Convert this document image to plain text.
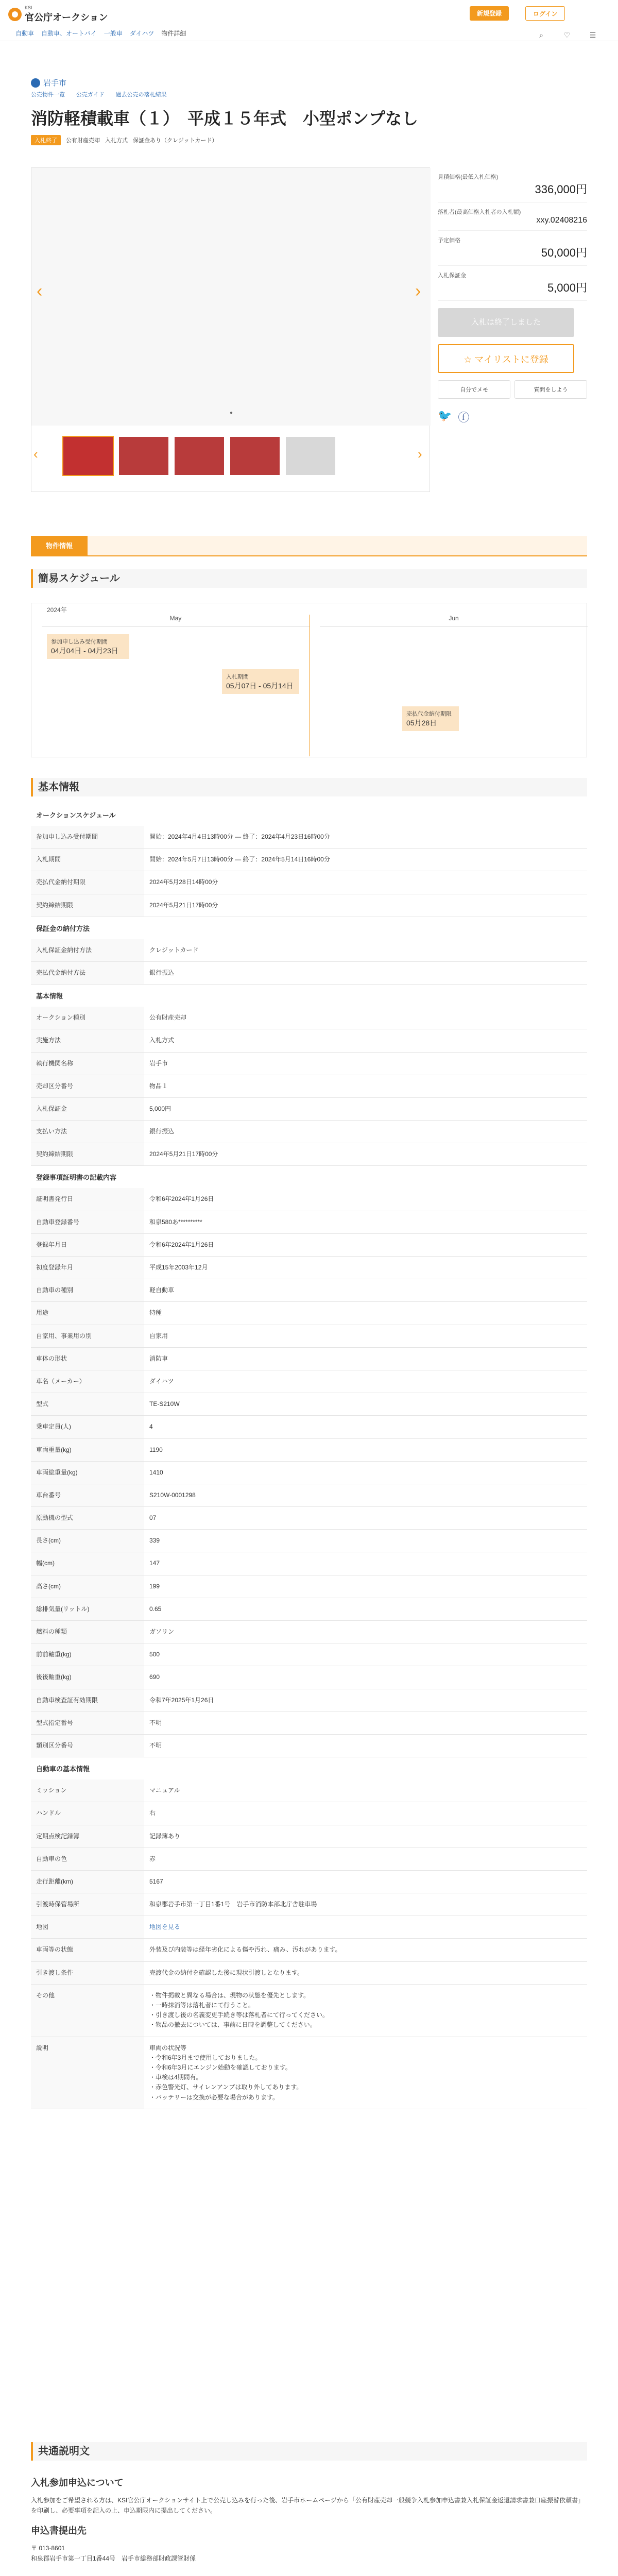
KSI
官公庁オークション
自動車 自動車、オートバイ 一般車 ダイハツ 物件詳細
新規登録	ログイン
⌕	♡	☰
岩手市
公売物件一覧 公売ガイド 過去公売の落札結果
消防軽積載車（１）　平成１５年式　小型ポンプなし
入札終了	公有財産売却 入札方式 保証金あり（クレジットカード）
‹	›
●
‹	›
見積価格(最低入札価格)
336,000円
落札者(最高価格入札者の入札額)
xxy.02408216
予定価格
50,000円
入札保証金
5,000円
入札は終了しました
☆ マイリストに登録
自分でメモ	質問をしよう
🐦 ⓕ
物件情報
簡易スケジュール
2024年
May	Jun
参加申し込み受付期間
04月04日 - 04月23日
入札期間
05月07日 - 05月14日
売払代金納付期限
05月28日
基本情報
オークションスケジュール
参加申し込み受付期間	開始：2024年4月4日13時00分 ― 終了：2024年4月23日16時00分
入札期間	開始：2024年5月7日13時00分 ― 終了：2024年5月14日16時00分
売払代金納付期限	2024年5月28日14時00分
契約締結期限	2024年5月21日17時00分
保証金の納付方法
入札保証金納付方法	クレジットカード
売払代金納付方法	銀行振込
基本情報
オークション種別	公有財産売却
実施方法	入札方式
執行機関名称	岩手市
売却区分番号	物品１
入札保証金	5,000円
支払い方法	銀行振込
契約締結期限	2024年5月21日17時00分
登録事項証明書の記載内容
証明書発行日	令和6年2024年1月26日
自動車登録番号	和泉580あ**********
登録年月日	令和6年2024年1月26日
初度登録年月	平成15年2003年12月
自動車の種別	軽自動車
用途	特種
自家用、事業用の別	自家用
車体の形状	消防車
車名（メーカー）	ダイハツ
型式	TE-S210W
乗車定員(人)	4
車両重量(kg)	1190
車両総重量(kg)	1410
車台番号	S210W-0001298
原動機の型式	07
長さ(cm)	339
幅(cm)	147
高さ(cm)	199
総排気量(リットル)	0.65
燃料の種類	ガソリン
前前軸重(kg)	500
後後軸重(kg)	690
自動車検査証有効期限	令和7年2025年1月26日
型式指定番号	不明
類別区分番号	不明
自動車の基本情報
ミッション	マニュアル
ハンドル	右
定期点検記録簿	記録簿あり
自動車の色	赤
走行距離(km)	5167
引渡時保管場所	和泉郡岩手市第一丁目1番1号　岩手市消防本部北庁舎駐車場
地図	地図を見る
車両等の状態	外装及び内装等は経年劣化による傷や汚れ、痛み、汚れがあります。
引き渡し条件	売渡代金の納付を確認した後に現状引渡しとなります。
その他	・物件掲載と異なる場合は、現物の状態を優先とします。
・一時抹消等は落札者にて行うこと。
・引き渡し後の名義変更手続き等は落札者にて行ってください。
・物品の撤去については、事前に日時を調整してください。
説明	車両の状況等
・令和6年3月まで使用しておりました。
・令和6年3月にエンジン始動を確認しております。
・車検は4期間有。
・赤色警光灯、サイレンアンプは取り外してあります。
・バッテリーは交換が必要な場合があります。
共通説明文
入札参加申込について

入札参加をご希望される方は、KSI官公庁オークションサイト上で公売し込みを行った後、岩手市ホームページから「公有財産売却一般競争入札参加申込書兼入札保証金返還請求書兼口座振替依頼書」を印刷し、必要事項を記入の上、申込期限内に提出してください。

申込書提出先

〒 013-8601
和泉郡岩手市第一丁目1番44号　岩手市総務部財政課管財係
